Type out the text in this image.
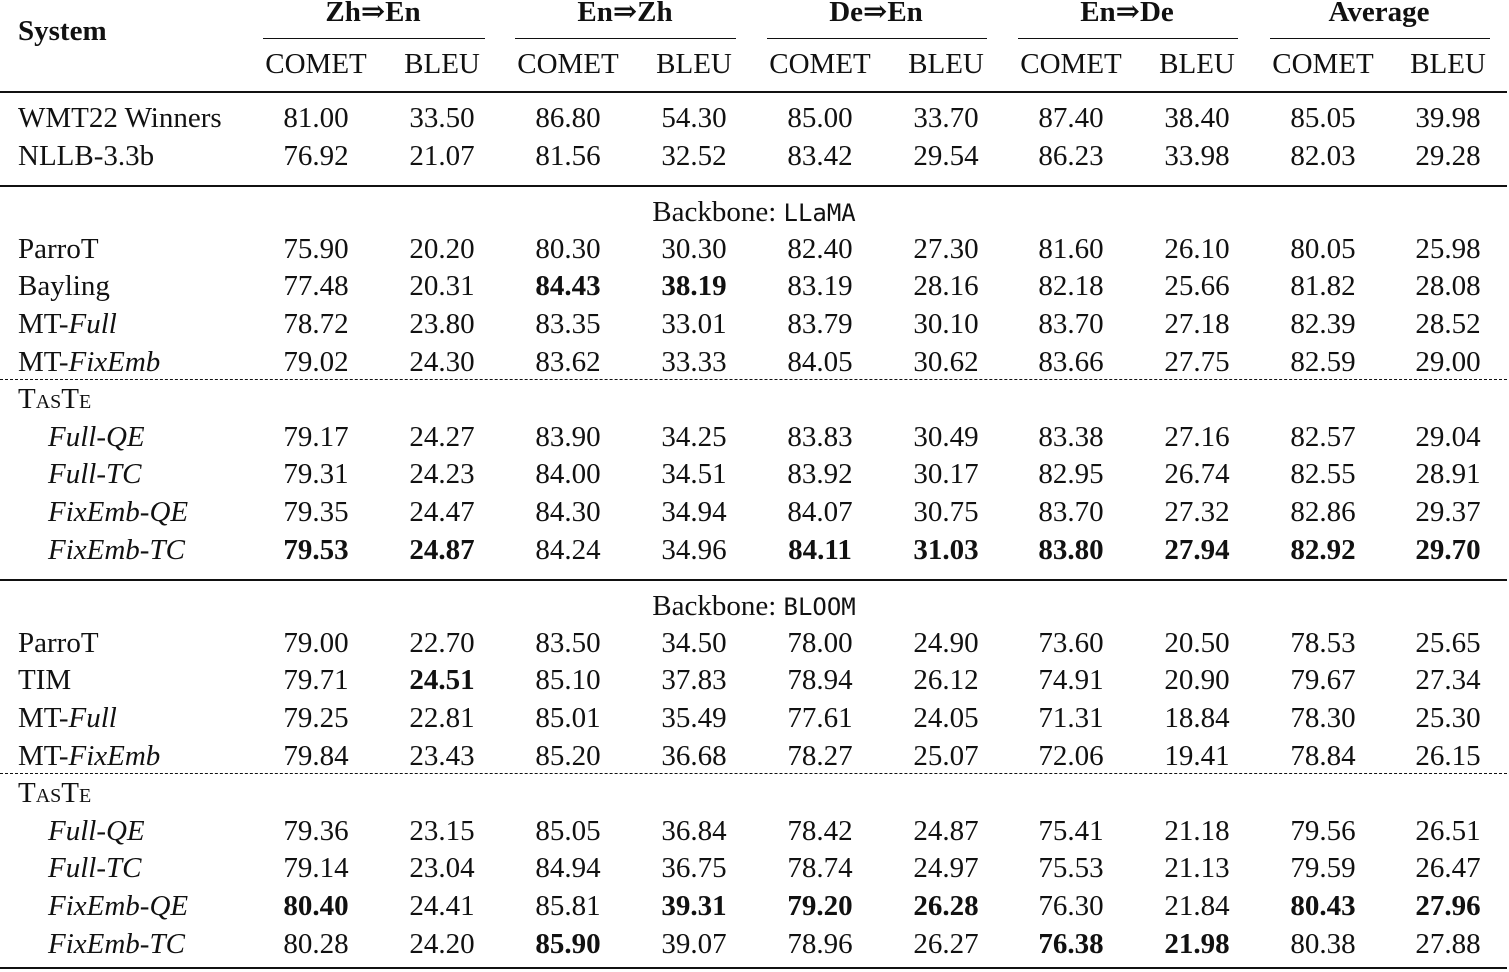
System
Zh⇒En	En⇒Zh	De⇒En	En⇒De	Average
COMET BLEU COMET BLEU COMET BLEU COMET BLEU COMET BLEU
WMT22 Winners 81.00 33.50 86.80 54.30 85.00 33.70 87.40 38.40 85.05 39.98
NLLB-3.3b	76.92 21.07 81.56 32.52 83.42 29.54 86.23 33.98 82.03 29.28
Backbone: LLaMA
ParroT	75.90 20.20 80.30 30.30 82.40 27.30 81.60 26.10 80.05 25.98
Bayling	77.48 20.31 84.43 38.19 83.19 28.16 82.18 25.66 81.82 28.08
MT-Full	78.72 23.80 83.35 33.01 83.79 30.10 83.70 27.18 82.39 28.52
MT-FixEmb	79.02 24.30 83.62 33.33 84.05 30.62 83.66 27.75 82.59 29.00
TasTe
Full-QE	79.17 24.27 83.90 34.25 83.83 30.49 83.38 27.16 82.57 29.04
Full-TC	79.31 24.23 84.00 34.51 83.92 30.17 82.95 26.74 82.55 28.91
FixEmb-QE	79.35 24.47 84.30 34.94 84.07 30.75 83.70 27.32 82.86 29.37
FixEmb-TC	79.53 24.87 84.24 34.96 84.11 31.03 83.80 27.94 82.92 29.70
Backbone: BLOOM
ParroT	79.00 22.70 83.50 34.50 78.00 24.90 73.60 20.50 78.53 25.65
TIM	79.71 24.51 85.10 37.83 78.94 26.12 74.91 20.90 79.67 27.34
MT-Full	79.25 22.81 85.01 35.49 77.61 24.05 71.31 18.84 78.30 25.30
MT-FixEmb	79.84 23.43 85.20 36.68 78.27 25.07 72.06 19.41 78.84 26.15
TasTe
Full-QE	79.36 23.15 85.05 36.84 78.42 24.87 75.41 21.18 79.56 26.51
Full-TC	79.14 23.04 84.94 36.75 78.74 24.97 75.53 21.13 79.59 26.47
FixEmb-QE	80.40 24.41 85.81 39.31 79.20 26.28 76.30 21.84 80.43 27.96
FixEmb-TC	80.28 24.20 85.90 39.07 78.96 26.27 76.38 21.98 80.38 27.88
